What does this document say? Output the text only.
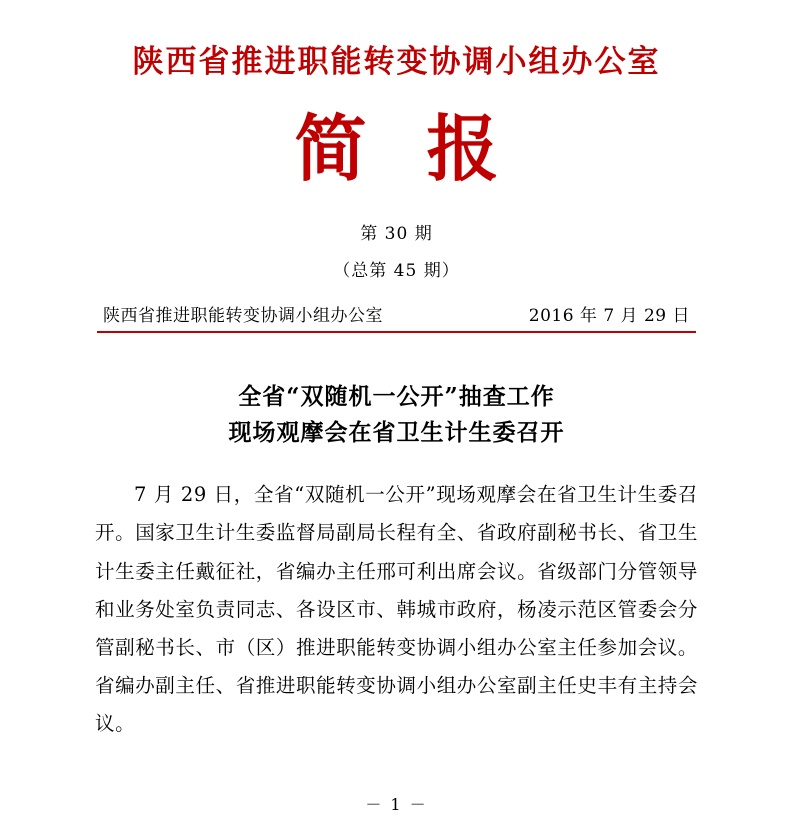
陕西省推进职能转变协调小组办公室
简报
第 30 期
（总第 45 期）
陕西省推进职能转变协调小组办公室	2016 年 7 月 29 日
全省“双随机一公开”抽查工作
现场观摩会在省卫生计生委召开

7 月 29 日，全省“双随机一公开”现场观摩会在省卫生计生委召开。国家卫生计生委监督局副局长程有全、省政府副秘书长、省卫生计生委主任戴征社，省编办主任邢可利出席会议。省级部门分管领导和业务处室负责同志、各设区市、韩城市政府，杨凌示范区管委会分管副秘书长、市（区）推进职能转变协调小组办公室主任参加会议。省编办副主任、省推进职能转变协调小组办公室副主任史丰有主持会议。

－ 1 －
